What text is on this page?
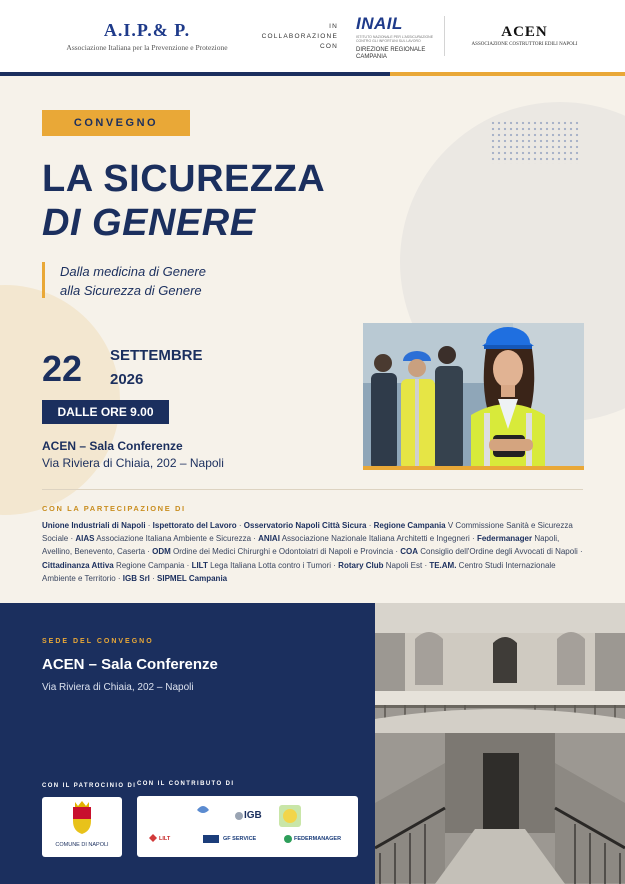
A.I.P.& P.
Associazione Italiana per la Prevenzione e Protezione
IN
COLLABORAZIONE
CON
INAIL
ISTITUTO NAZIONALE PER L'ASSICURAZIONE
CONTRO GLI INFORTUNI SUL LAVORO
DIREZIONE REGIONALE
CAMPANIA
ACEN
ASSOCIAZIONE COSTRUTTORI EDILI NAPOLI
CONVEGNO
LA SICUREZZA
DI GENERE
Dalla medicina di Genere
alla Sicurezza di Genere
22 SETTEMBRE
2026
DALLE ORE 9.00
ACEN – Sala Conferenze
Via Riviera di Chiaia, 202 – Napoli
CON LA PARTECIPAZIONE DI
Unione Industriali di Napoli · Ispettorato del Lavoro · Osservatorio Napoli Città Sicura · Regione Campania V Commissione Sanità e Sicurezza Sociale · AIAS Associazione Italiana Ambiente e Sicurezza · ANIAI Associazione Nazionale Italiana Architetti e Ingegneri · Federmanager Napoli, Avellino, Benevento, Caserta · ODM Ordine dei Medici Chirurghi e Odontoiatri di Napoli e Provincia · COA Consiglio dell'Ordine degli Avvocati di Napoli · Cittadinanza Attiva Regione Campania · LILT Lega Italiana Lotta contro i Tumori · Rotary Club Napoli Est · TE.AM. Centro Studi Internazionale Ambiente e Territorio · IGB Srl · SIPMEL Campania
SEDE DEL CONVEGNO
ACEN – Sala Conferenze
Via Riviera di Chiaia, 202 – Napoli
CON IL PATROCINIO DI CON IL CONTRIBUTO DI
COMUNE DI NAPOLI
IGB
LILT	GF SERVICE	FEDERMANAGER
